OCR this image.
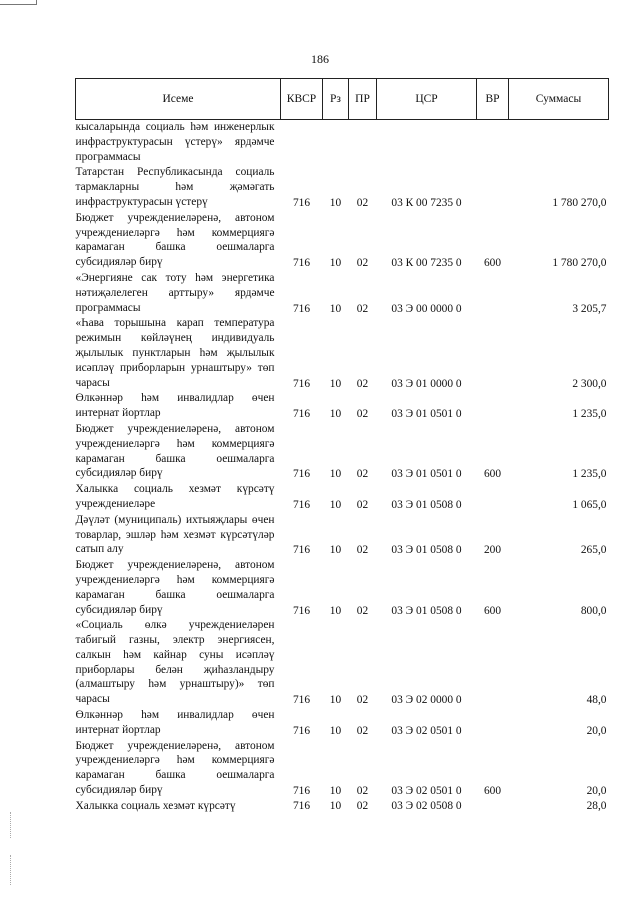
186
Исеме	КВСР	Рз	ПР	ЦСР	ВР	Суммасы
кысаларында социаль һәм инженерлык инфраструктурасын үстерү» ярдәмче программасы						
Татарстан Республикасында социаль тармакларны һәм җәмәгать инфраструктурасын үстерү	716	10	02	03 К 00 7235 0		1 780 270,0
Бюджет учреждениеләренә, автоном учреждениеләргә һәм коммерциягә карамаган башка оешмаларга субсидияләр бирү	716	10	02	03 К 00 7235 0	600	1 780 270,0
«Энергияне сак тоту һәм энергетика нәтиҗәлелеген арттыру» ярдәмче программасы	716	10	02	03 Э 00 0000 0		3 205,7
«Һава торышына карап температура режимын көйләүнең индивидуаль җылылык пунктларын һәм җылылык исәпләү приборларын урнаштыру» төп чарасы	716	10	02	03 Э 01 0000 0		2 300,0
Өлкәннәр һәм инвалидлар өчен интернат йортлар	716	10	02	03 Э 01 0501 0		1 235,0
Бюджет учреждениеләренә, автоном учреждениеләргә һәм коммерциягә карамаган башка оешмаларга субсидияләр бирү	716	10	02	03 Э 01 0501 0	600	1 235,0
Халыкка социаль хезмәт күрсәтү учреждениеләре	716	10	02	03 Э 01 0508 0		1 065,0
Дәүләт (муниципаль) ихтыяҗлары өчен товарлар, эшләр һәм хезмәт күрсәтүләр сатып алу	716	10	02	03 Э 01 0508 0	200	265,0
Бюджет учреждениеләренә, автоном учреждениеләргә һәм коммерциягә карамаган башка оешмаларга субсидияләр бирү	716	10	02	03 Э 01 0508 0	600	800,0
«Социаль өлкә учреждениеләрен табигый газны, электр энергиясен, салкын һәм кайнар суны исәпләү приборлары белән җиһазландыру (алмаштыру һәм урнаштыру)» төп чарасы	716	10	02	03 Э 02 0000 0		48,0
Өлкәннәр һәм инвалидлар өчен интернат йортлар	716	10	02	03 Э 02 0501 0		20,0
Бюджет учреждениеләренә, автоном учреждениеләргә һәм коммерциягә карамаган башка оешмаларга субсидияләр бирү	716	10	02	03 Э 02 0501 0	600	20,0
Халыкка социаль хезмәт күрсәтү	716	10	02	03 Э 02 0508 0		28,0
